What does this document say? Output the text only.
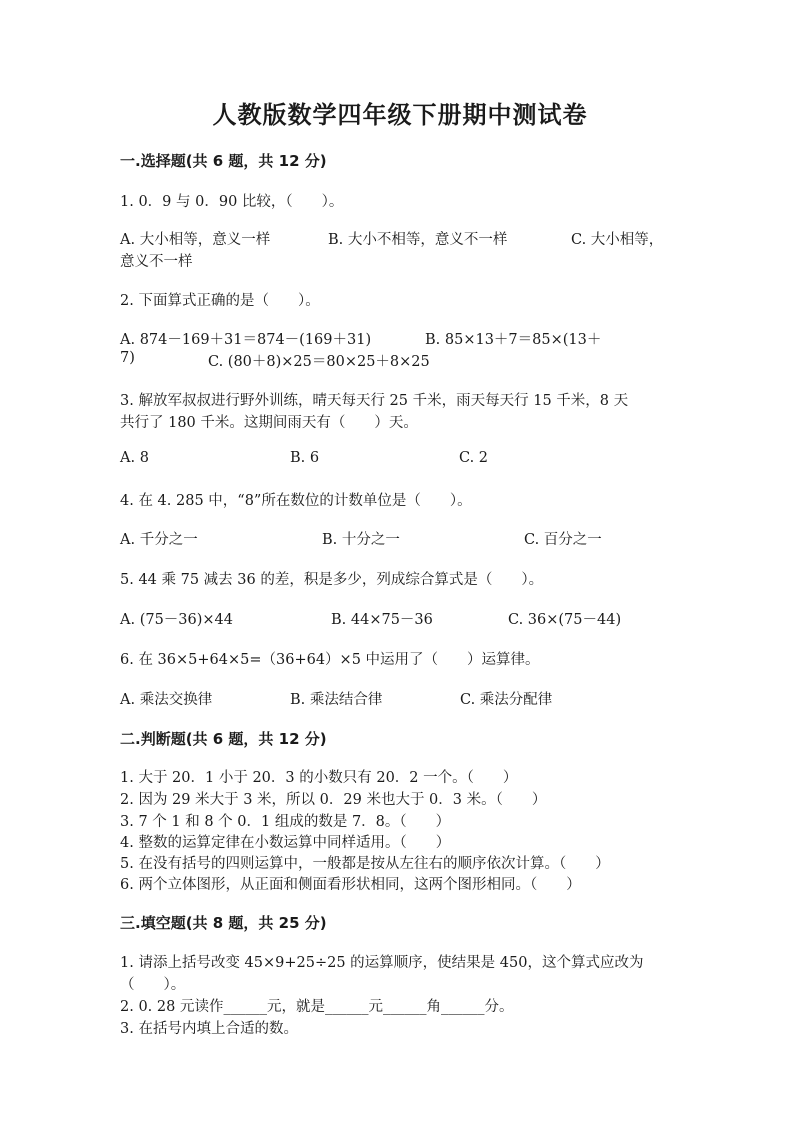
人教版数学四年级下册期中测试卷
一.选择题(共 6 题，共 12 分)
1. 0．9 与 0．90 比较，（　　）。
A. 大小相等，意义一样	B. 大小不相等，意义不一样	C. 大小相等，
意义不一样
2. 下面算式正确的是（　　）。
A. 874－169＋31＝874－(169＋31)	B. 85×13＋7＝85×(13＋
7)	C. (80＋8)×25＝80×25＋8×25
3. 解放军叔叔进行野外训练，晴天每天行 25 千米，雨天每天行 15 千米，8 天
共行了 180 千米。这期间雨天有（　　）天。
A. 8	B. 6	C. 2
4. 在 4. 285 中，“8”所在数位的计数单位是（　　）。
A. 千分之一	B. 十分之一	C. 百分之一
5. 44 乘 75 减去 36 的差，积是多少，列成综合算式是（　　）。
A. (75－36)×44	B. 44×75－36	C. 36×(75－44)
6. 在 36×5+64×5=（36+64）×5 中运用了（　　）运算律。
A. 乘法交换律	B. 乘法结合律	C. 乘法分配律
二.判断题(共 6 题，共 12 分)
1. 大于 20．1 小于 20．3 的小数只有 20．2 一个。（　　）
2. 因为 29 米大于 3 米，所以 0．29 米也大于 0．3 米。（　　）
3. 7 个 1 和 8 个 0．1 组成的数是 7．8。（　　）
4. 整数的运算定律在小数运算中同样适用。（　　）
5. 在没有括号的四则运算中，一般都是按从左往右的顺序依次计算。（　　）
6. 两个立体图形，从正面和侧面看形状相同，这两个图形相同。（　　）
三.填空题(共 8 题，共 25 分)
1. 请添上括号改变 45×9+25÷25 的运算顺序，使结果是 450，这个算式应改为
（　　）。
2. 0. 28 元读作______元，就是______元______角______分。
3. 在括号内填上合适的数。
